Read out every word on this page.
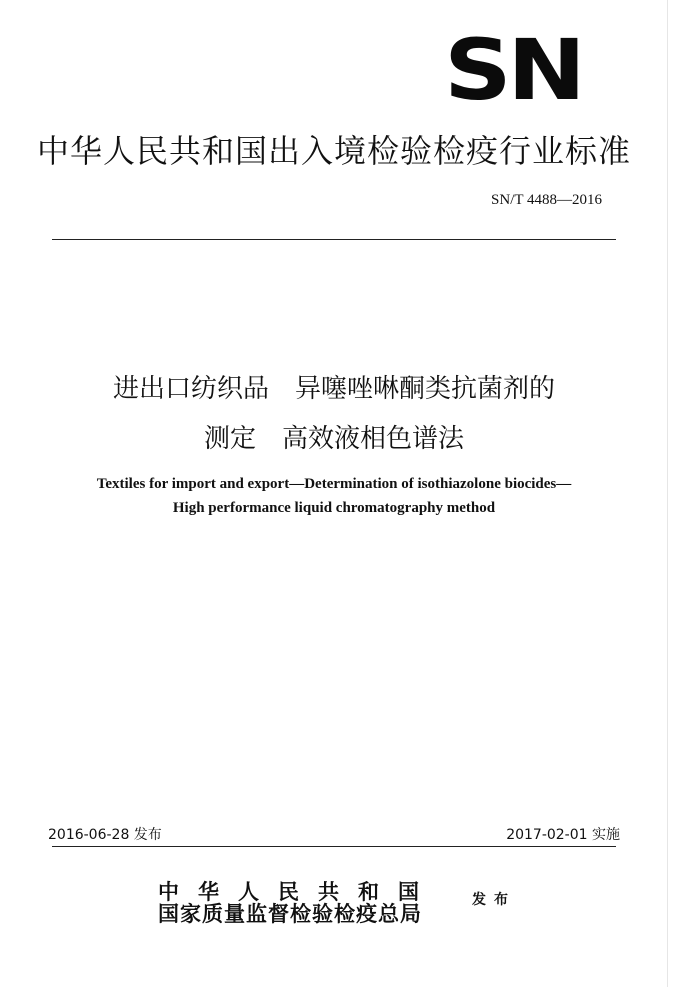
SN
中华人民共和国出入境检验检疫行业标准
SN/T 4488—2016
进出口纺织品　异噻唑啉酮类抗菌剂的
测定　高效液相色谱法
Textiles for import and export—Determination of isothiazolone biocides—
High performance liquid chromatography method
2016-06-28 发布	2017-02-01 实施
中华人民共和国
国家质量监督检验检疫总局
发布
